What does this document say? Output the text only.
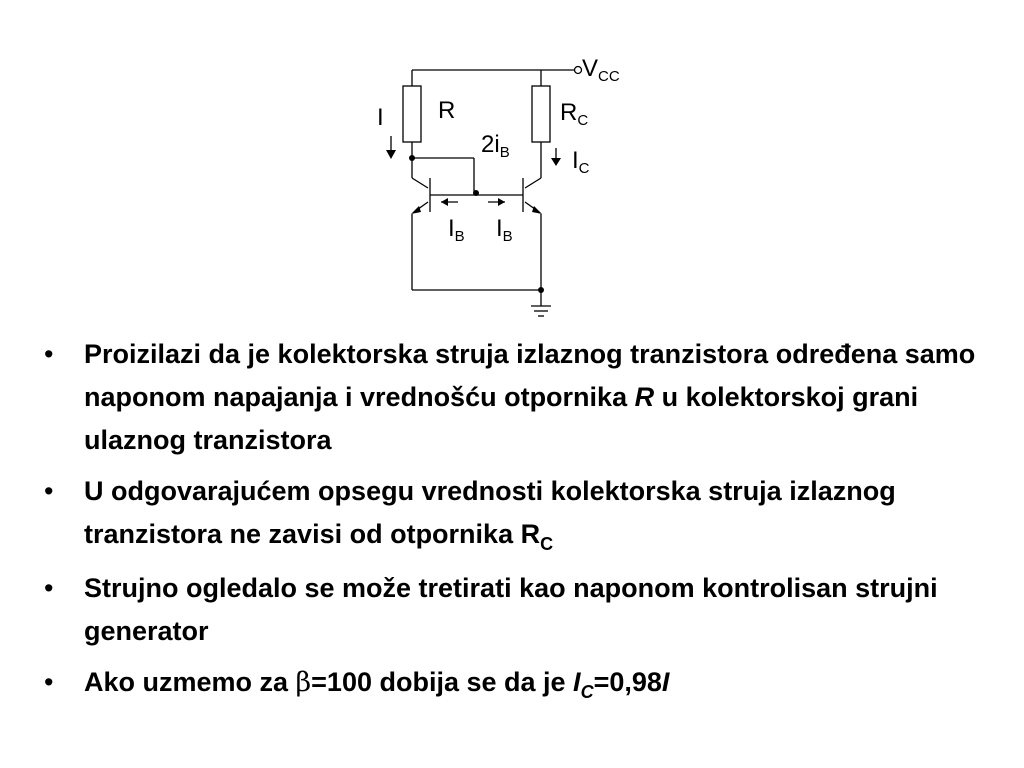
$V_{CC}$
R	$R_C$
I
$I_C$
$2i_B$
$I_B$ $I_B$
• Proizilazi da je kolektorska struja izlaznog tranzistora određena samo naponom napajanja i vrednošću otpornika R u kolektorskoj grani ulaznog tranzistora
• U odgovarajućem opsegu vrednosti kolektorska struja izlaznog tranzistora ne zavisi od otpornika $R_C$
• Strujno ogledalo se može tretirati kao naponom kontrolisan strujni generator
• Ako uzmemo za β=100 dobija se da je $I_C=0,98I$
